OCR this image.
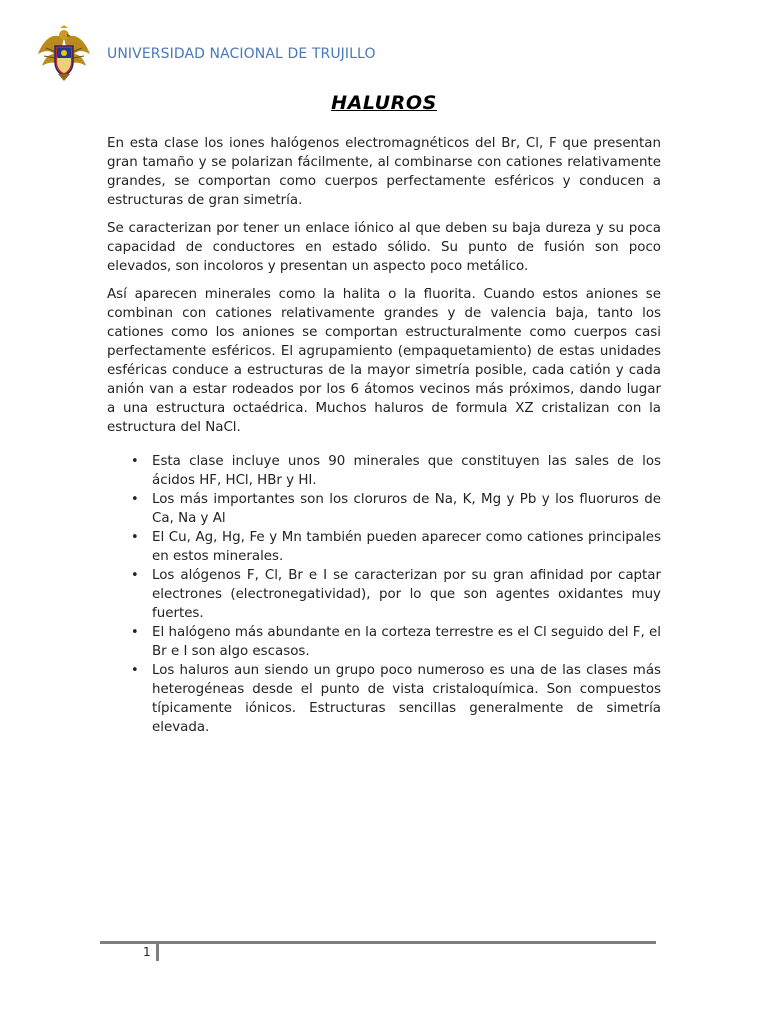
UNIVERSIDAD NACIONAL DE TRUJILLO
HALUROS

En esta clase los iones halógenos electromagnéticos del Br, Cl, F que presentan gran tamaño y se polarizan fácilmente, al combinarse con cationes relativamente grandes, se comportan como cuerpos perfectamente esféricos y conducen a estructuras de gran simetría.

Se caracterizan por tener un enlace iónico al que deben su baja dureza y su poca capacidad de conductores en estado sólido. Su punto de fusión son poco elevados, son incoloros y presentan un aspecto poco metálico.

Así aparecen minerales como la halita o la fluorita. Cuando estos aniones se combinan con cationes relativamente grandes y de valencia baja, tanto los cationes como los aniones se comportan estructuralmente como cuerpos casi perfectamente esféricos. El agrupamiento (empaquetamiento) de estas unidades esféricas conduce a estructuras de la mayor simetría posible, cada catión y cada anión van a estar rodeados por los 6 átomos vecinos más próximos, dando lugar a una estructura octaédrica. Muchos haluros de formula XZ cristalizan con la estructura del NaCl.

• Esta clase incluye unos 90 minerales que constituyen las sales de los ácidos HF, HCl, HBr y HI.
• Los más importantes son los cloruros de Na, K, Mg y Pb y los fluoruros de Ca, Na y Al
• El Cu, Ag, Hg, Fe y Mn también pueden aparecer como cationes principales en estos minerales.
• Los alógenos F, Cl, Br e I se caracterizan por su gran afinidad por captar electrones (electronegatividad), por lo que son agentes oxidantes muy fuertes.
• El halógeno más abundante en la corteza terrestre es el Cl seguido del F, el Br e I son algo escasos.
• Los haluros aun siendo un grupo poco numeroso es una de las clases más heterogéneas desde el punto de vista cristaloquímica. Son compuestos típicamente iónicos. Estructuras sencillas generalmente de simetría elevada.
1
